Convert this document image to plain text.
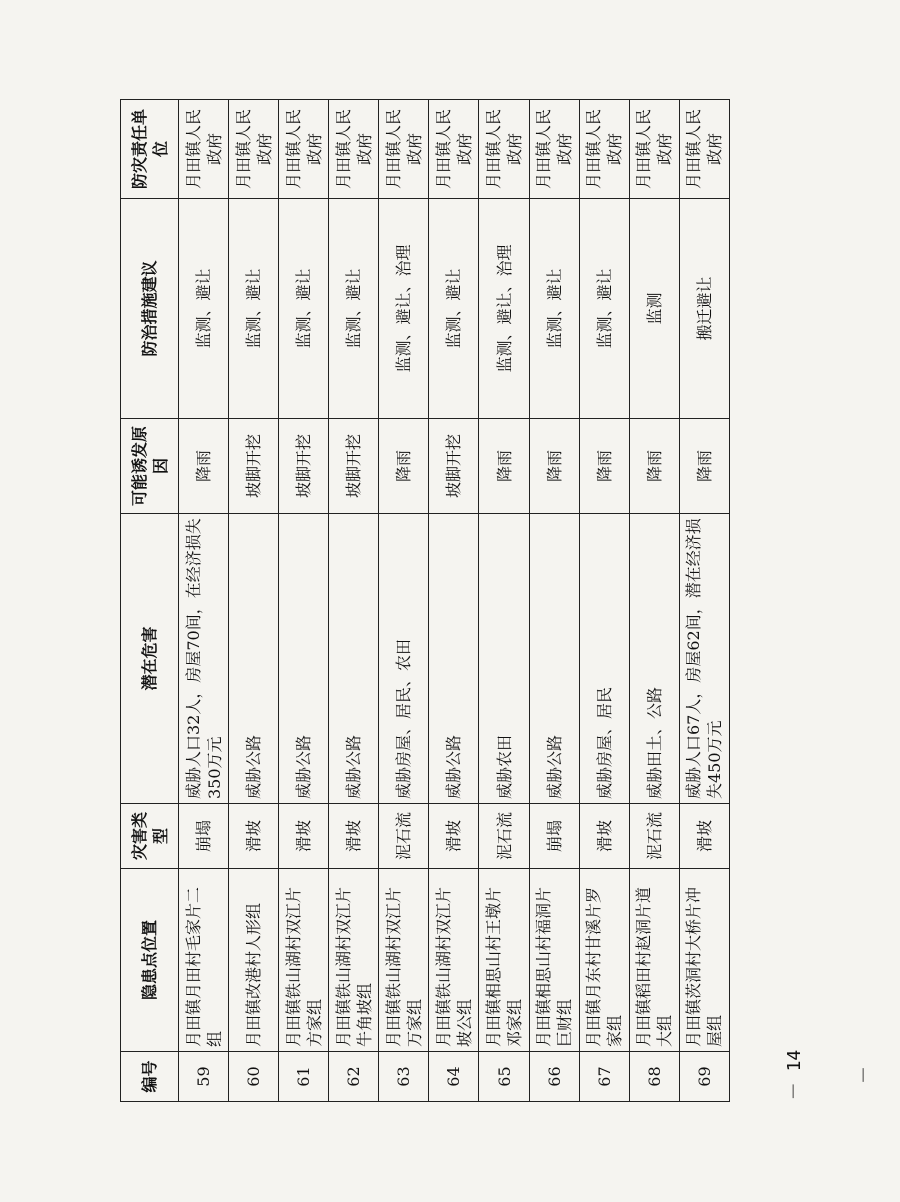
编号	隐患点位置	灾害类型	潜在危害	可能诱发原因	防治措施建议	防灾责任单位
59	月田镇月田村毛家片二组	崩塌	威胁人口32人，房屋70间，在经济损失350万元	降雨	监测、避让	月田镇人民政府
60	月田镇改港村人形组	滑坡	威胁公路	坡脚开挖	监测、避让	月田镇人民政府
61	月田镇铁山湖村双江片方家组	滑坡	威胁公路	坡脚开挖	监测、避让	月田镇人民政府
62	月田镇铁山湖村双江片牛角坡组	滑坡	威胁公路	坡脚开挖	监测、避让	月田镇人民政府
63	月田镇铁山湖村双江片万家组	泥石流	威胁房屋、居民、农田	降雨	监测、避让、治理	月田镇人民政府
64	月田镇铁山湖村双江片坡公组	滑坡	威胁公路	坡脚开挖	监测、避让	月田镇人民政府
65	月田镇相思山村王墩片邓家组	泥石流	威胁农田	降雨	监测、避让、治理	月田镇人民政府
66	月田镇相思山村福洞片巨财组	崩塌	威胁公路	降雨	监测、避让	月田镇人民政府
67	月田镇月东村甘溪片罗家组	滑坡	威胁房屋、居民	降雨	监测、避让	月田镇人民政府
68	月田镇稻田村赵洞片道大组	泥石流	威胁田土、公路	降雨	监测	月田镇人民政府
69	月田镇茨洞村大桥片冲屋组	滑坡	威胁人口67人，房屋62间，潜在经济损失450万元	降雨	搬迁避让	月田镇人民政府

－ 14 －
